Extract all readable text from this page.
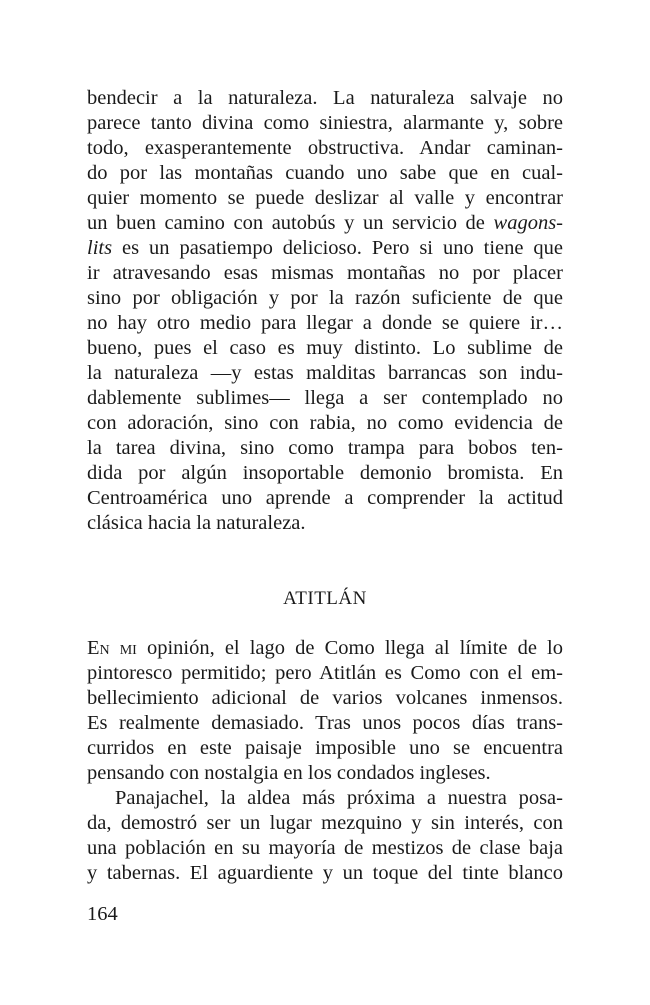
bendecir a la naturaleza. La naturaleza salvaje no
parece tanto divina como siniestra, alarmante y, sobre
todo, exasperantemente obstructiva. Andar caminan-
do por las montañas cuando uno sabe que en cual-
quier momento se puede deslizar al valle y encontrar
un buen camino con autobús y un servicio de wagons-
lits es un pasatiempo delicioso. Pero si uno tiene que
ir atravesando esas mismas montañas no por placer
sino por obligación y por la razón suficiente de que
no hay otro medio para llegar a donde se quiere ir…
bueno, pues el caso es muy distinto. Lo sublime de
la naturaleza —y estas malditas barrancas son indu-
dablemente sublimes— llega a ser contemplado no
con adoración, sino con rabia, no como evidencia de
la tarea divina, sino como trampa para bobos ten-
dida por algún insoportable demonio bromista. En
Centroamérica uno aprende a comprender la actitud
clásica hacia la naturaleza.
ATITLÁN
En mi opinión, el lago de Como llega al límite de lo
pintoresco permitido; pero Atitlán es Como con el em-
bellecimiento adicional de varios volcanes inmensos.
Es realmente demasiado. Tras unos pocos días trans-
curridos en este paisaje imposible uno se encuentra
pensando con nostalgia en los condados ingleses.
Panajachel, la aldea más próxima a nuestra posa-
da, demostró ser un lugar mezquino y sin interés, con
una población en su mayoría de mestizos de clase baja
y tabernas. El aguardiente y un toque del tinte blanco
164
